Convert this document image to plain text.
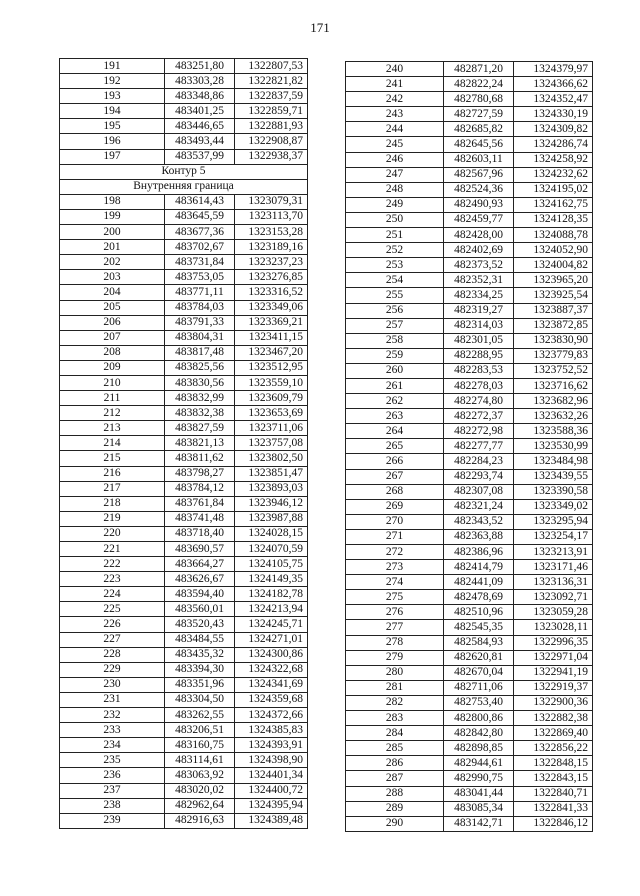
171
191	483251,80	1322807,53
192	483303,28	1322821,82
193	483348,86	1322837,59
194	483401,25	1322859,71
195	483446,65	1322881,93
196	483493,44	1322908,87
197	483537,99	1322938,37
Контур 5		
Внутренняя граница		
198	483614,43	1323079,31
199	483645,59	1323113,70
200	483677,36	1323153,28
201	483702,67	1323189,16
202	483731,84	1323237,23
203	483753,05	1323276,85
204	483771,11	1323316,52
205	483784,03	1323349,06
206	483791,33	1323369,21
207	483804,31	1323411,15
208	483817,48	1323467,20
209	483825,56	1323512,95
210	483830,56	1323559,10
211	483832,99	1323609,79
212	483832,38	1323653,69
213	483827,59	1323711,06
214	483821,13	1323757,08
215	483811,62	1323802,50
216	483798,27	1323851,47
217	483784,12	1323893,03
218	483761,84	1323946,12
219	483741,48	1323987,88
220	483718,40	1324028,15
221	483690,57	1324070,59
222	483664,27	1324105,75
223	483626,67	1324149,35
224	483594,40	1324182,78
225	483560,01	1324213,94
226	483520,43	1324245,71
227	483484,55	1324271,01
228	483435,32	1324300,86
229	483394,30	1324322,68
230	483351,96	1324341,69
231	483304,50	1324359,68
232	483262,55	1324372,66
233	483206,51	1324385,83
234	483160,75	1324393,91
235	483114,61	1324398,90
236	483063,92	1324401,34
237	483020,02	1324400,72
238	482962,64	1324395,94
239	482916,63	1324389,48
240	482871,20	1324379,97
241	482822,24	1324366,62
242	482780,68	1324352,47
243	482727,59	1324330,19
244	482685,82	1324309,82
245	482645,56	1324286,74
246	482603,11	1324258,92
247	482567,96	1324232,62
248	482524,36	1324195,02
249	482490,93	1324162,75
250	482459,77	1324128,35
251	482428,00	1324088,78
252	482402,69	1324052,90
253	482373,52	1324004,82
254	482352,31	1323965,20
255	482334,25	1323925,54
256	482319,27	1323887,37
257	482314,03	1323872,85
258	482301,05	1323830,90
259	482288,95	1323779,83
260	482283,53	1323752,52
261	482278,03	1323716,62
262	482274,80	1323682,96
263	482272,37	1323632,26
264	482272,98	1323588,36
265	482277,77	1323530,99
266	482284,23	1323484,98
267	482293,74	1323439,55
268	482307,08	1323390,58
269	482321,24	1323349,02
270	482343,52	1323295,94
271	482363,88	1323254,17
272	482386,96	1323213,91
273	482414,79	1323171,46
274	482441,09	1323136,31
275	482478,69	1323092,71
276	482510,96	1323059,28
277	482545,35	1323028,11
278	482584,93	1322996,35
279	482620,81	1322971,04
280	482670,04	1322941,19
281	482711,06	1322919,37
282	482753,40	1322900,36
283	482800,86	1322882,38
284	482842,80	1322869,40
285	482898,85	1322856,22
286	482944,61	1322848,15
287	482990,75	1322843,15
288	483041,44	1322840,71
289	483085,34	1322841,33
290	483142,71	1322846,12
